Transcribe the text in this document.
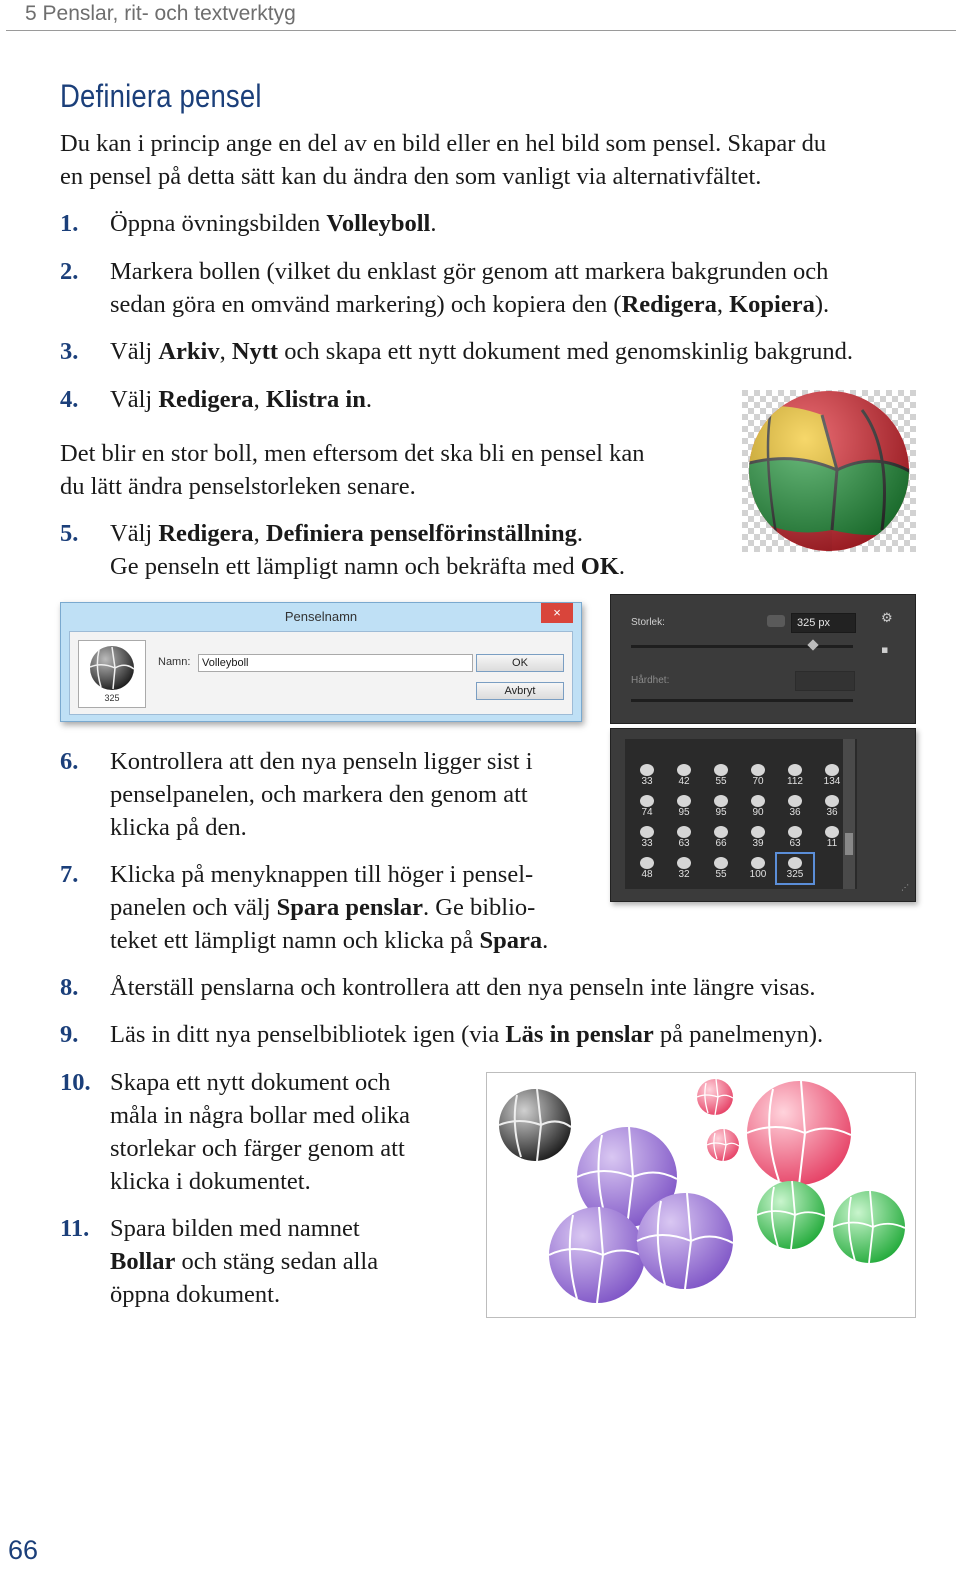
5 Penslar, rit- och textverktyg
Definiera pensel
Du kan i princip ange en del av en bild eller en hel bild som pensel. Skapar du
en pensel på detta sätt kan du ändra den som vanligt via alternativfältet.
1. Öppna övningsbilden Volleyboll.
2. Markera bollen (vilket du enklast gör genom att markera bakgrunden och
sedan göra en omvänd markering) och kopiera den (Redigera, Kopiera).
3. Välj Arkiv, Nytt och skapa ett nytt dokument med genomskinlig bakgrund.
4. Välj Redigera, Klistra in.
Det blir en stor boll, men eftersom det ska bli en pensel kan
du lätt ändra penselstorleken senare.
5. Välj Redigera, Definiera penselförinställning.
Ge penseln ett lämpligt namn och bekräfta med OK.
Penselnamn	×
325
Namn:	Volleyboll	OK
Avbryt
Storlek:	325 px	⚙
▪
Hårdhet:
33	42	55	70	112	134
74	95	95	90	36	36
33	63	66	39	63	11
48	32	55	100	325
⋰
6. Kontrollera att den nya penseln ligger sist i
penselpanelen, och markera den genom att
klicka på den.
7. Klicka på menyknappen till höger i pensel-
panelen och välj Spara penslar. Ge biblio-
teket ett lämpligt namn och klicka på Spara.
8. Återställ penslarna och kontrollera att den nya penseln inte längre visas.
9. Läs in ditt nya penselbibliotek igen (via Läs in penslar på panelmenyn).
10. Skapa ett nytt dokument och
måla in några bollar med olika
storlekar och färger genom att
klicka i dokumentet.
11. Spara bilden med namnet
Bollar och stäng sedan alla
öppna dokument.
66
